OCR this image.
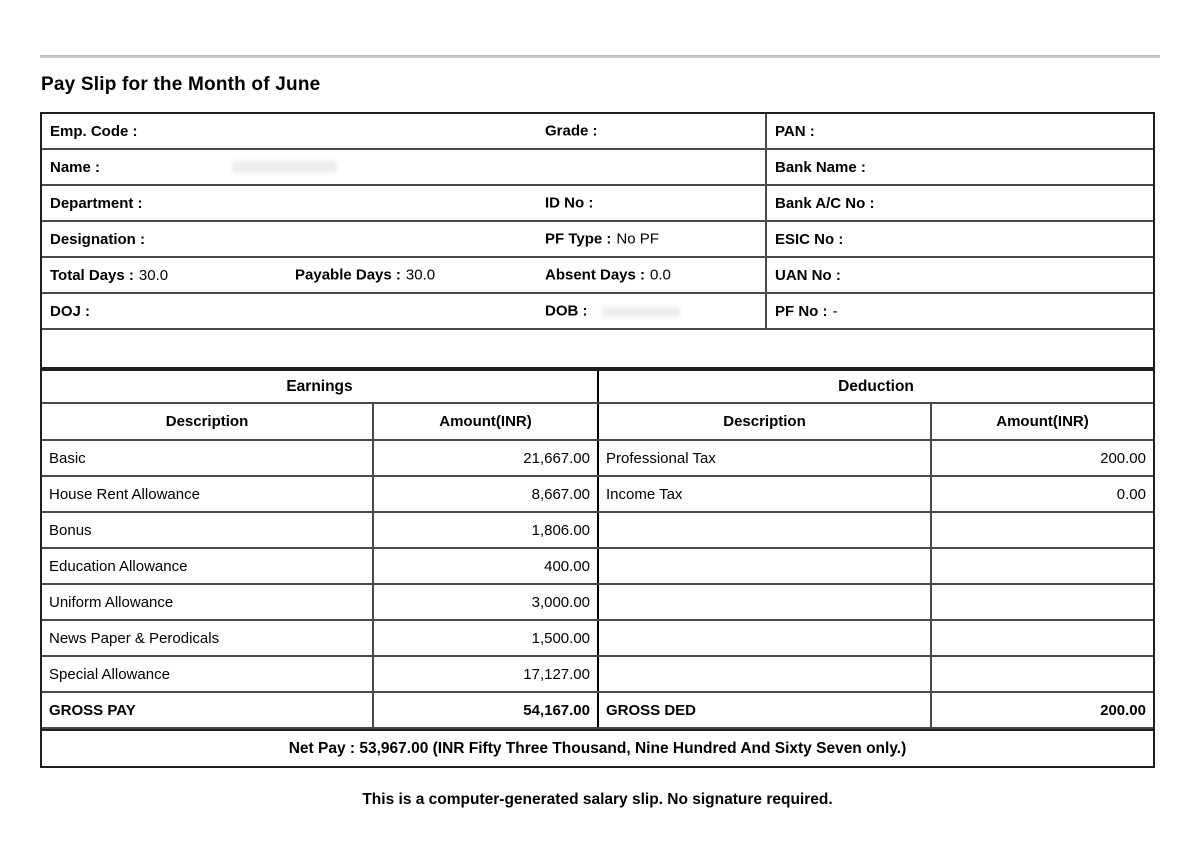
Pay Slip for the Month of June
Emp. Code :	Grade :	PAN :
Name :	Bank Name :
Department :	ID No :	Bank A/C No :
Designation :	PF Type : No PF	ESIC No :
Total Days : 30.0	Payable Days : 30.0	Absent Days : 0.0	UAN No :
DOJ :	DOB :	PF No : -
Earnings	Deduction
Description	Amount(INR)	Description	Amount(INR)
Basic	21,667.00	Professional Tax	200.00
House Rent Allowance	8,667.00	Income Tax	0.00
Bonus	1,806.00
Education Allowance	400.00
Uniform Allowance	3,000.00
News Paper & Perodicals	1,500.00
Special Allowance	17,127.00
GROSS PAY	54,167.00	GROSS DED	200.00
Net Pay : 53,967.00 (INR Fifty Three Thousand, Nine Hundred And Sixty Seven only.)
This is a computer-generated salary slip. No signature required.
